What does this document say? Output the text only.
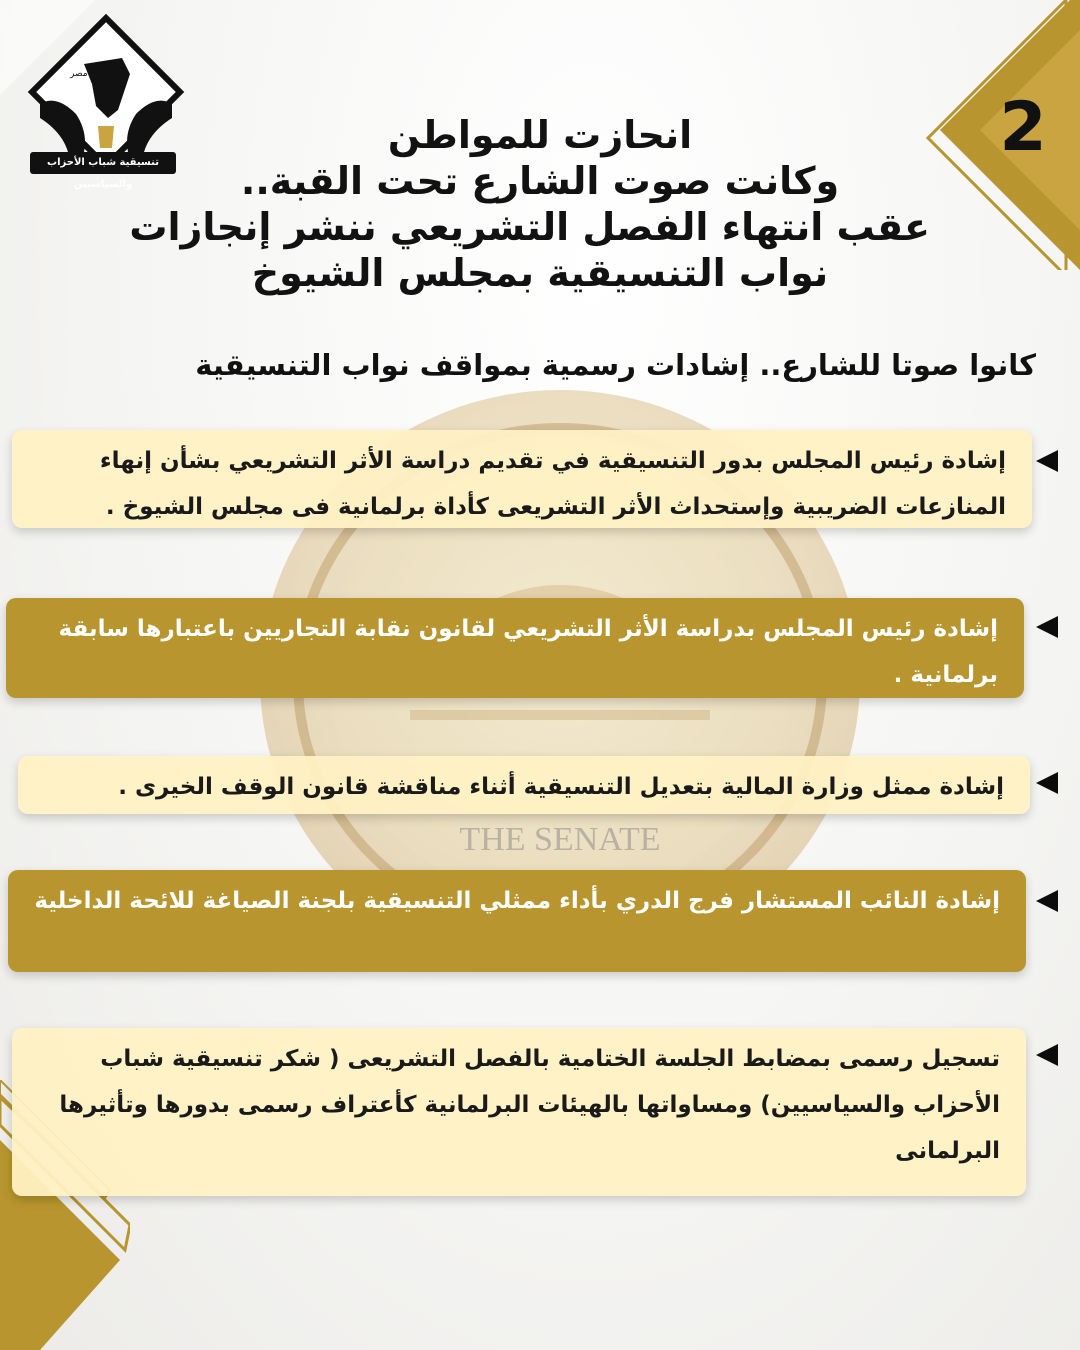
THE SENATE
2
مصر
تنسيقية شباب الأحزاب والسياسيين
انحازت للمواطن
وكانت صوت الشارع تحت القبة..
عقب انتهاء الفصل التشريعي ننشر إنجازات
نواب التنسيقية بمجلس الشيوخ
كانوا صوتا للشارع.. إشادات رسمية بمواقف نواب التنسيقية
إشادة رئيس المجلس بدور التنسيقية في تقديم دراسة الأثر التشريعي بشأن إنهاء المنازعات الضريبية وإستحداث الأثر التشريعى كأداة برلمانية فى مجلس الشيوخ .
إشادة رئيس المجلس بدراسة الأثر التشريعي لقانون نقابة التجاريين باعتبارها سابقة برلمانية .
إشادة ممثل وزارة المالية بتعديل التنسيقية أثناء مناقشة قانون الوقف الخيرى .
إشادة النائب المستشار فرج الدري بأداء ممثلي التنسيقية بلجنة الصياغة للائحة الداخلية
تسجيل رسمى بمضابط الجلسة الختامية بالفصل التشريعى ( شكر تنسيقية شباب الأحزاب والسياسيين) ومساواتها بالهيئات البرلمانية كأعتراف رسمى بدورها وتأثيرها البرلمانى
